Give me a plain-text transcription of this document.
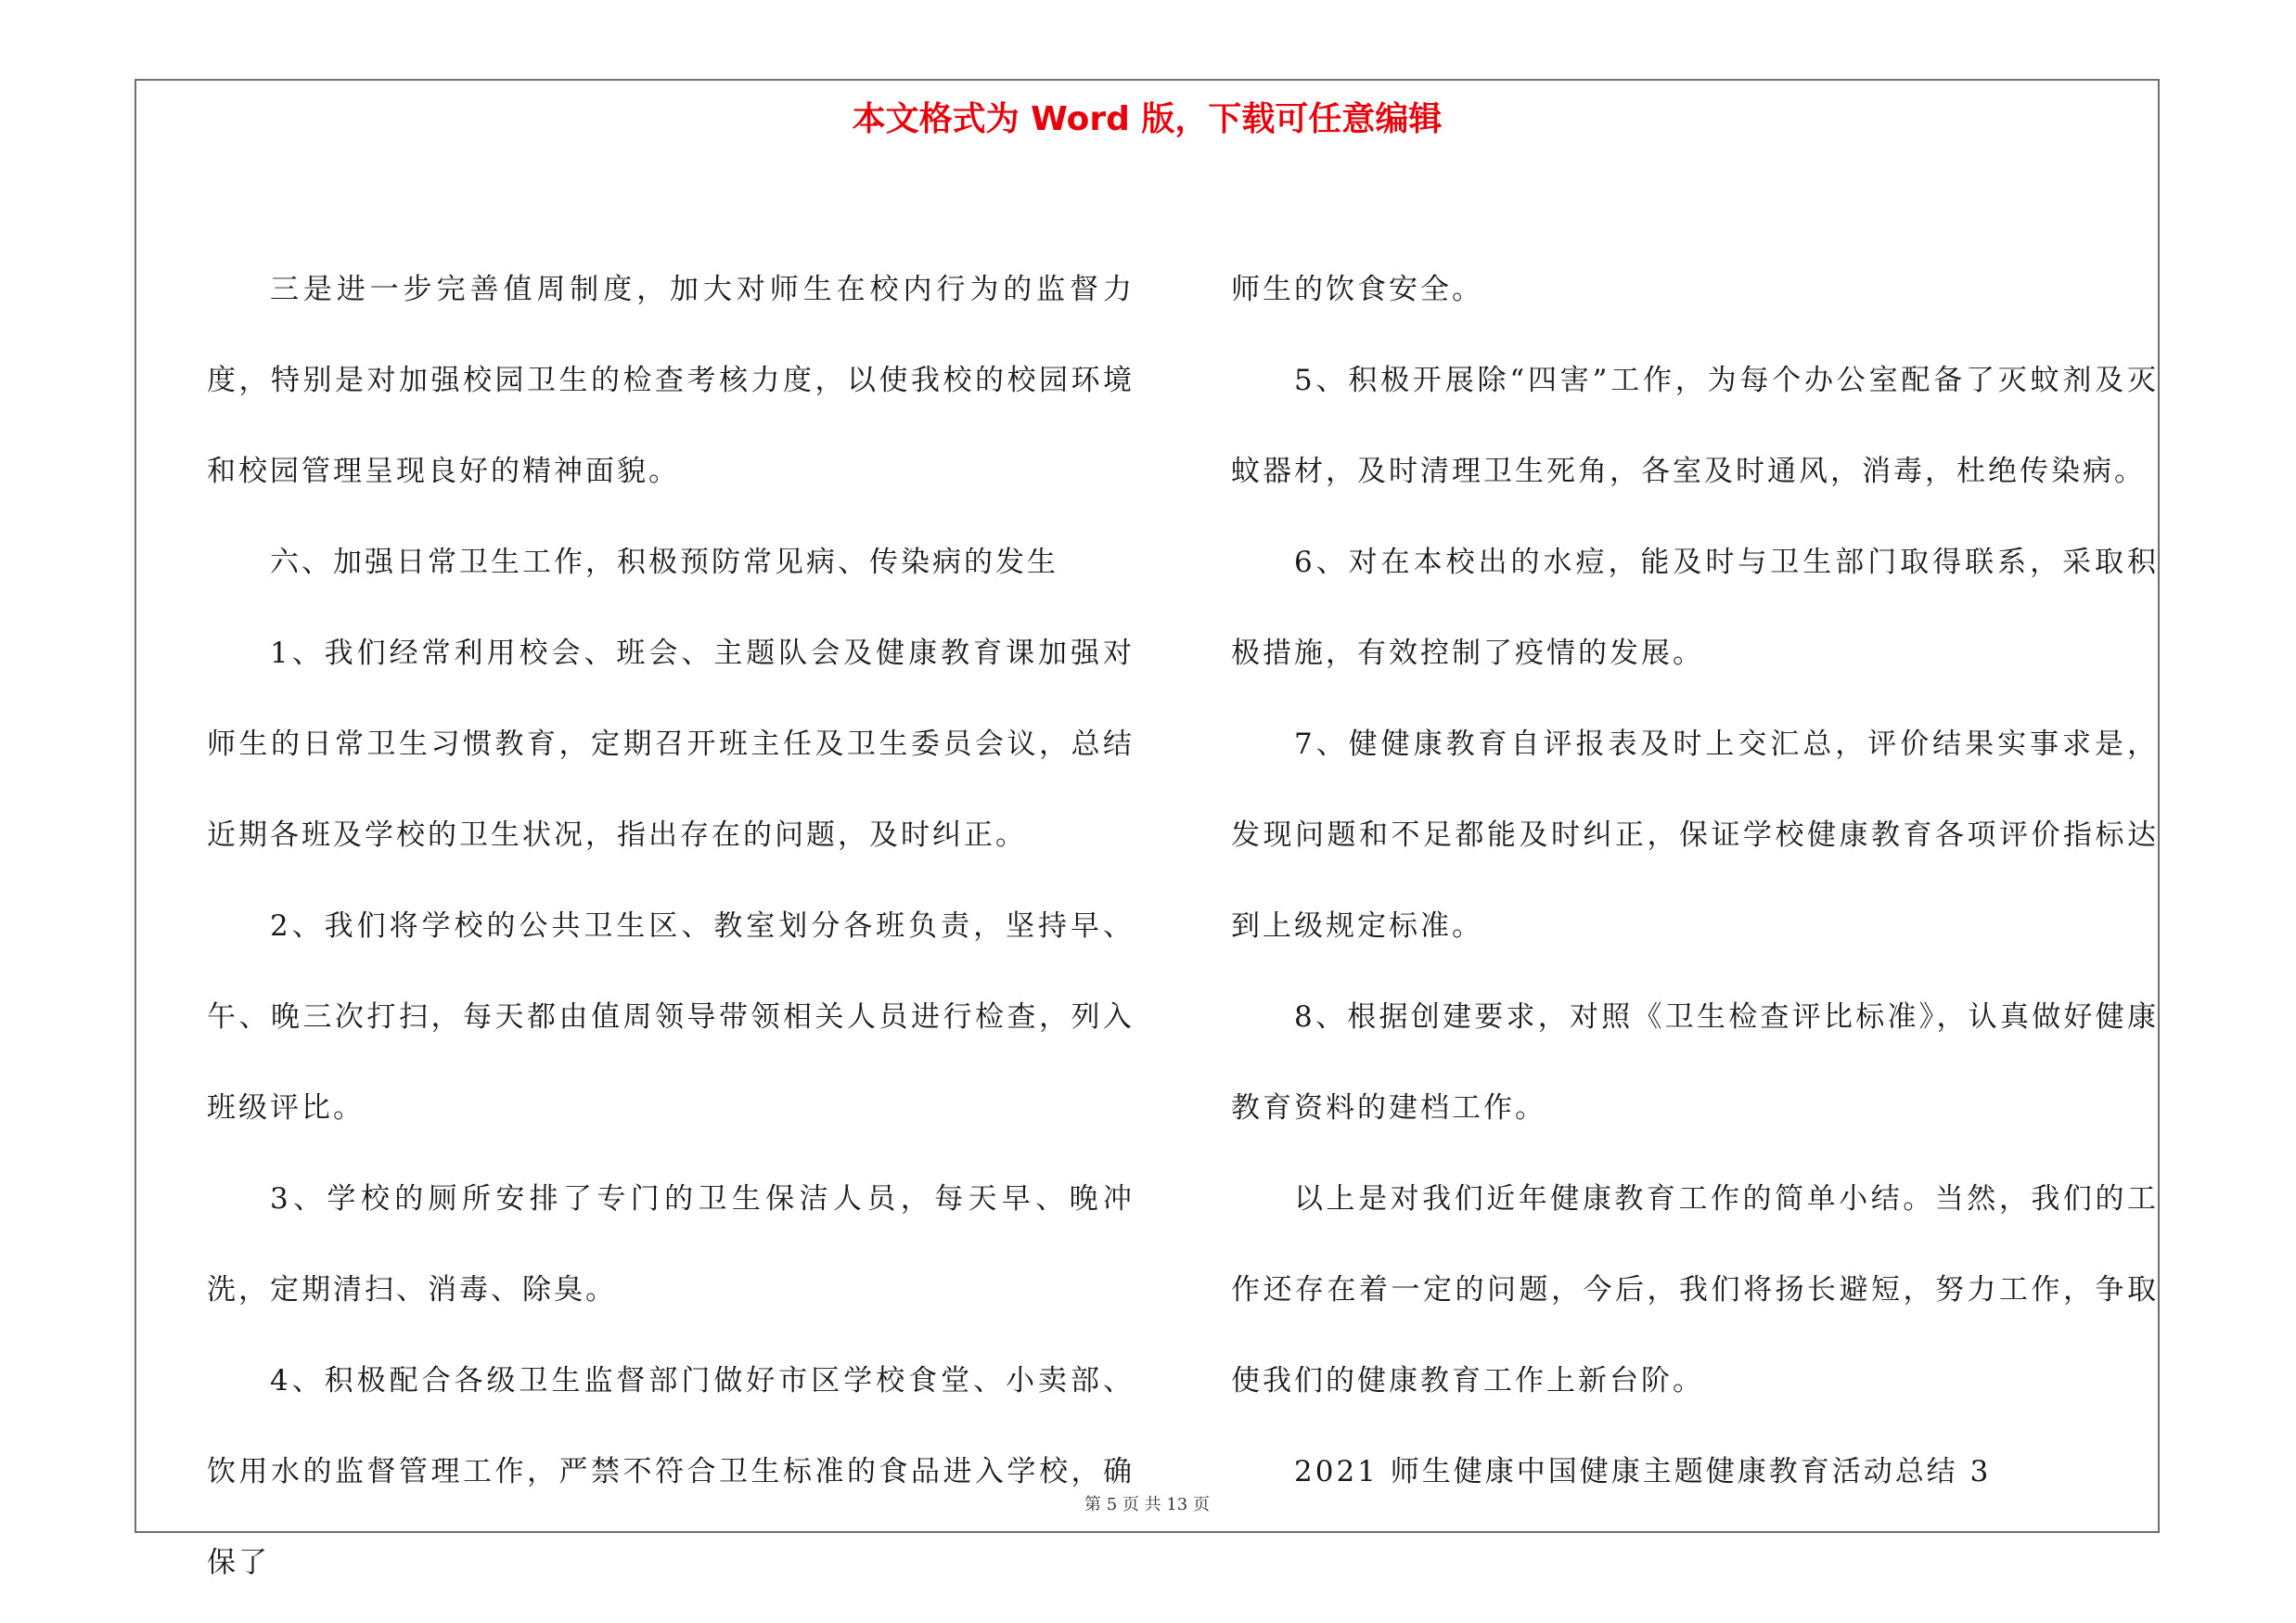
本文格式为 Word 版，下载可任意编辑

三是进一步完善值周制度，加大对师生在校内行为的监督力度，特别是对加强校园卫生的检查考核力度，以使我校的校园环境和校园管理呈现良好的精神面貌。

六、加强日常卫生工作，积极预防常见病、传染病的发生

1、我们经常利用校会、班会、主题队会及健康教育课加强对师生的日常卫生习惯教育，定期召开班主任及卫生委员会议，总结近期各班及学校的卫生状况，指出存在的问题，及时纠正。

2、我们将学校的公共卫生区、教室划分各班负责，坚持早、午、晚三次打扫，每天都由值周领导带领相关人员进行检查，列入班级评比。

3、学校的厕所安排了专门的卫生保洁人员，每天早、晚冲洗，定期清扫、消毒、除臭。

4、积极配合各级卫生监督部门做好市区学校食堂、小卖部、饮用水的监督管理工作，严禁不符合卫生标准的食品进入学校，确保了

师生的饮食安全。

5、积极开展除“四害”工作，为每个办公室配备了灭蚊剂及灭蚊器材，及时清理卫生死角，各室及时通风，消毒，杜绝传染病。

6、对在本校出的水痘，能及时与卫生部门取得联系，采取积极措施，有效控制了疫情的发展。

7、健健康教育自评报表及时上交汇总，评价结果实事求是，发现问题和不足都能及时纠正，保证学校健康教育各项评价指标达到上级规定标准。

8、根据创建要求，对照《卫生检查评比标准》，认真做好健康教育资料的建档工作。

以上是对我们近年健康教育工作的简单小结。当然，我们的工作还存在着一定的问题，今后，我们将扬长避短，努力工作，争取使我们的健康教育工作上新台阶。

2021 师生健康中国健康主题健康教育活动总结 3

第 5 页 共 13 页
